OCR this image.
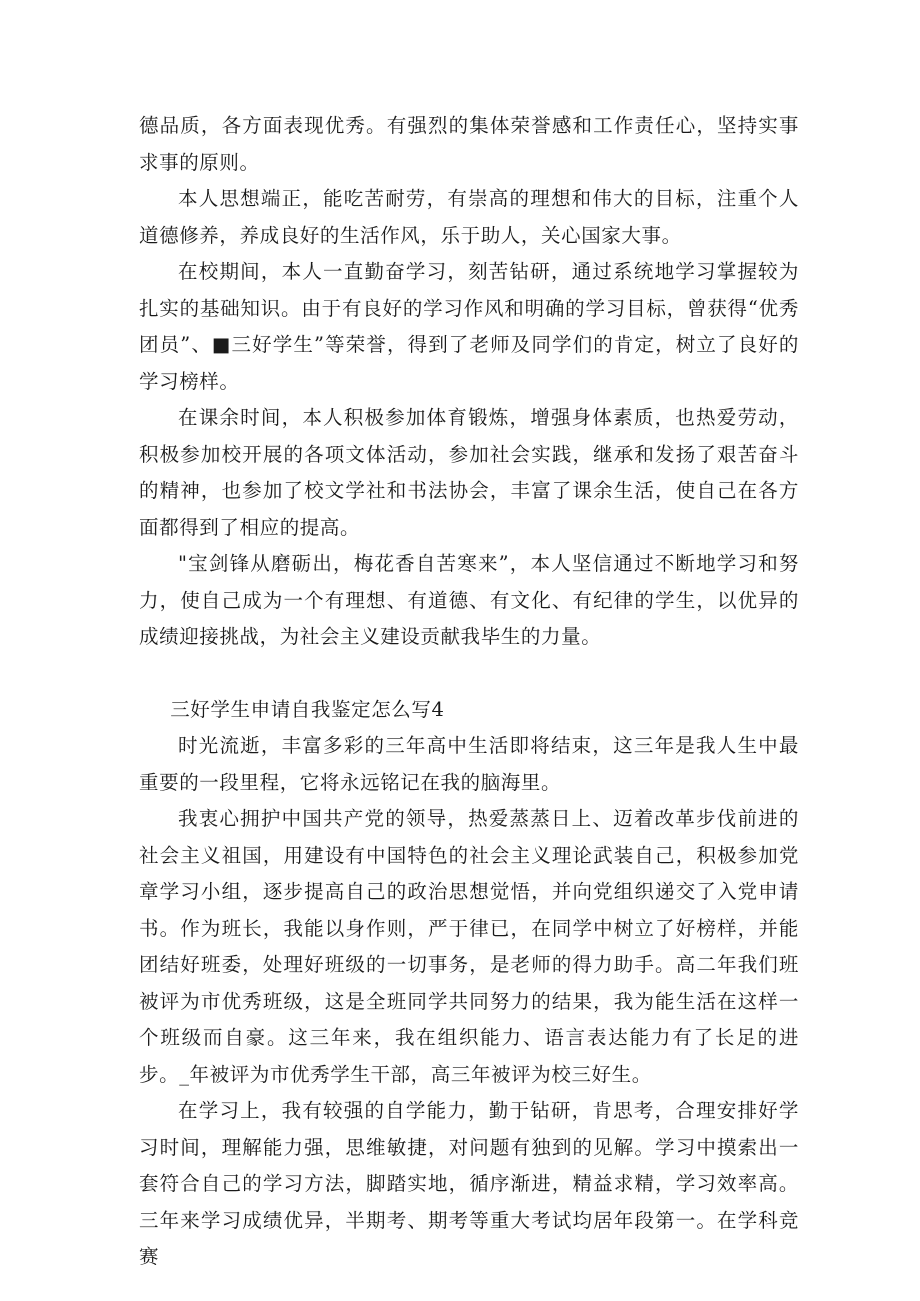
德品质，各方面表现优秀。有强烈的集体荣誉感和工作责任心，坚持实事求事的原则。

本人思想端正，能吃苦耐劳，有崇高的理想和伟大的目标，注重个人道德修养，养成良好的生活作风，乐于助人，关心国家大事。

在校期间，本人一直勤奋学习，刻苦钻研，通过系统地学习掌握较为扎实的基础知识。由于有良好的学习作风和明确的学习目标，曾获得“优秀团员”、■三好学生”等荣誉，得到了老师及同学们的肯定，树立了良好的学习榜样。

在课余时间，本人积极参加体育锻炼，增强身体素质，也热爱劳动，积极参加校开展的各项文体活动，参加社会实践，继承和发扬了艰苦奋斗的精神，也参加了校文学社和书法协会，丰富了课余生活，使自己在各方面都得到了相应的提高。

"宝剑锋从磨砺出，梅花香自苦寒来”，本人坚信通过不断地学习和努力，使自己成为一个有理想、有道德、有文化、有纪律的学生，以优异的成绩迎接挑战，为社会主义建设贡献我毕生的力量。

三好学生申请自我鉴定怎么写4

时光流逝，丰富多彩的三年高中生活即将结束，这三年是我人生中最重要的一段里程，它将永远铭记在我的脑海里。

我衷心拥护中国共产党的领导，热爱蒸蒸日上、迈着改革步伐前进的社会主义祖国，用建设有中国特色的社会主义理论武装自己，积极参加党章学习小组，逐步提高自己的政治思想觉悟，并向党组织递交了入党申请书。作为班长，我能以身作则，严于律已，在同学中树立了好榜样，并能团结好班委，处理好班级的一切事务，是老师的得力助手。高二年我们班被评为市优秀班级，这是全班同学共同努力的结果，我为能生活在这样一个班级而自豪。这三年来，我在组织能力、语言表达能力有了长足的进步。_年被评为市优秀学生干部，高三年被评为校三好生。

在学习上，我有较强的自学能力，勤于钻研，肯思考，合理安排好学习时间，理解能力强，思维敏捷，对问题有独到的见解。学习中摸索出一套符合自己的学习方法，脚踏实地，循序渐进，精益求精，学习效率高。三年来学习成绩优异，半期考、期考等重大考试均居年段第一。在学科竞赛
